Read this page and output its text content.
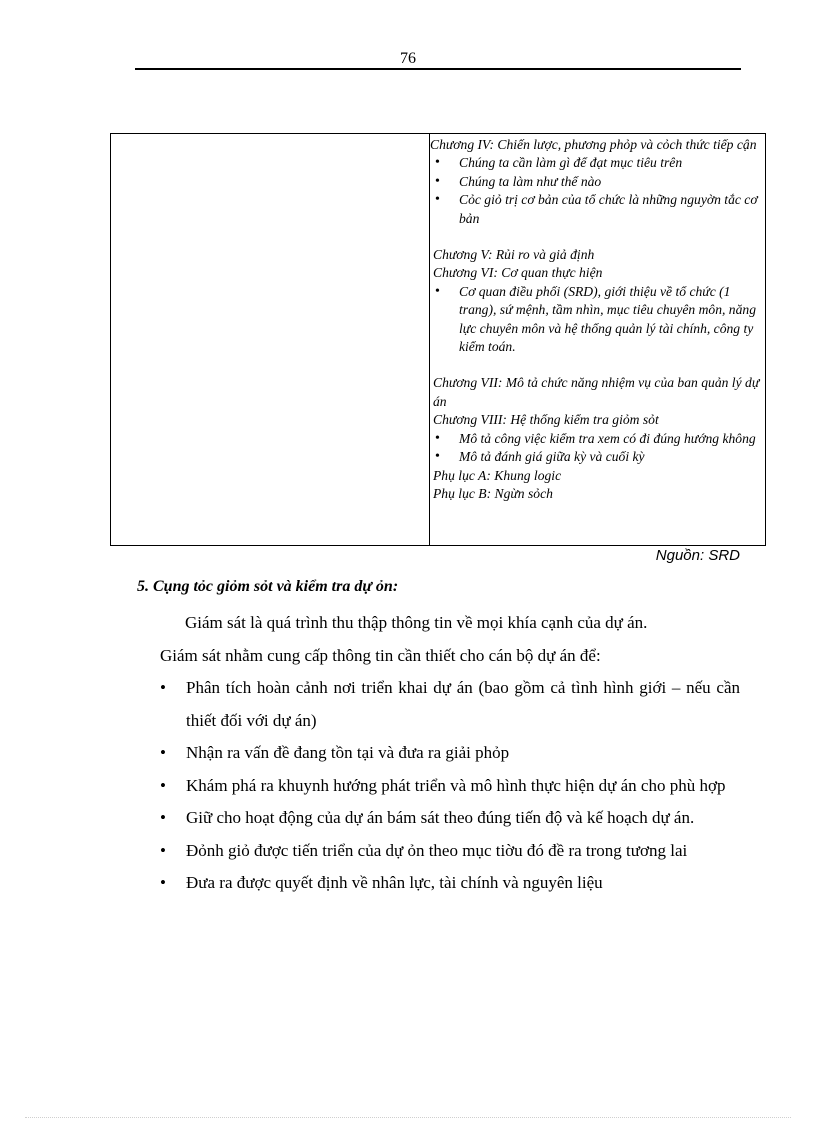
76

Chương IV: Chiến lược, phương phỏp và cỏch thức tiếp cận

• Chúng ta cần làm gì để đạt mục tiêu trên
• Chúng ta làm như thế nào
• Cỏc giỏ trị cơ bản của tổ chức là những nguyờn tắc cơ bản

Chương V: Rủi ro và giả định

Chương VI: Cơ quan thực hiện

• Cơ quan điều phối (SRD), giới thiệu về tổ chức (1 trang), sứ mệnh, tầm nhìn, mục tiêu chuyên môn, năng lực chuyên môn và hệ thống quản lý tài chính, công ty kiểm toán.

Chương VII: Mô tả chức năng nhiệm vụ của ban quản lý dự án

Chương VIII: Hệ thống kiểm tra giỏm sỏt

• Mô tả công việc kiểm tra xem có đi đúng hướng không
• Mô tả đánh giá giữa kỳ và cuối kỳ

Phụ lục A: Khung logic

Phụ lục B: Ngừn sỏch

Nguồn: SRD

5. Cụng tỏc giỏm sỏt và kiểm tra dự ỏn:

Giám sát là quá trình thu thập thông tin về mọi khía cạnh của dự án.

Giám sát nhằm cung cấp thông tin cần thiết cho cán bộ dự án để:

• Phân tích hoàn cảnh nơi triển khai dự án (bao gồm cả tình hình giới – nếu cần thiết đối với dự án)
• Nhận ra vấn đề đang tồn tại và đưa ra giải phỏp
• Khám phá ra khuynh hướng phát triển và mô hình thực hiện dự án cho phù hợp
• Giữ cho hoạt động của dự án bám sát theo đúng tiến độ và kế hoạch dự án.
• Đỏnh giỏ được tiến triển của dự ỏn theo mục tiờu đó đề ra trong tương lai
• Đưa ra được quyết định về nhân lực, tài chính và nguyên liệu
